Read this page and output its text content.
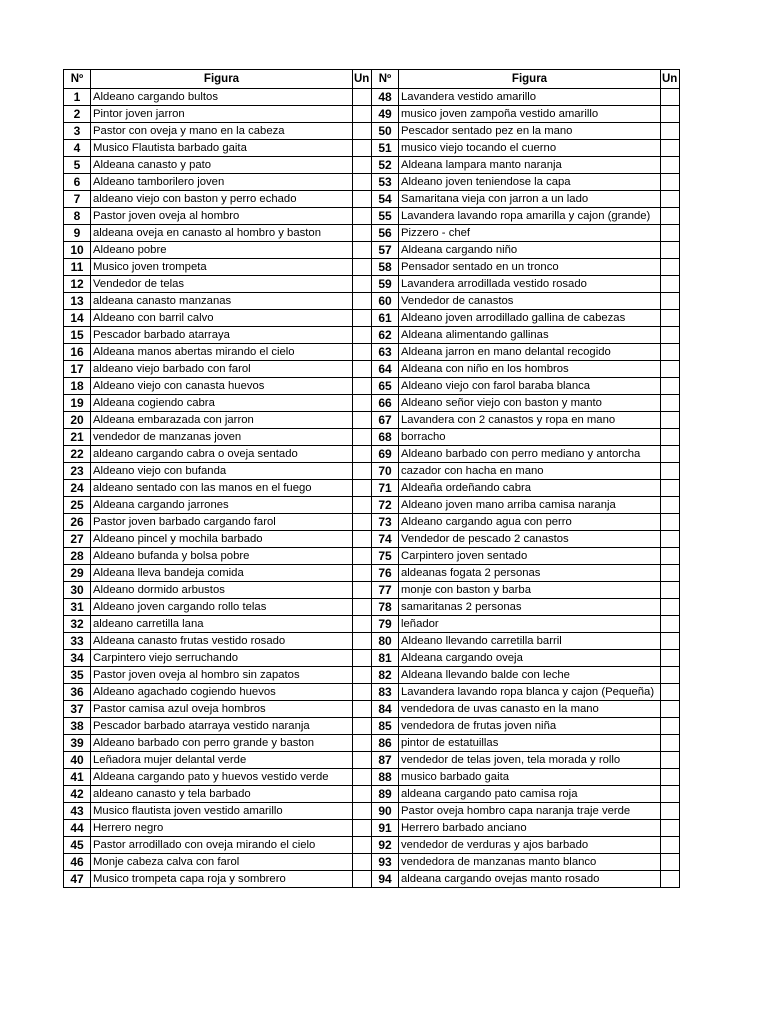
Nº	Figura	Un	Nº	Figura	Un
1	Aldeano cargando bultos		48	Lavandera vestido amarillo	
2	Pintor joven jarron		49	musico joven zampoña vestido amarillo	
3	Pastor con oveja y mano en la cabeza		50	Pescador sentado pez en la mano	
4	Musico Flautista barbado gaita		51	musico viejo tocando el cuerno	
5	Aldeana canasto y pato		52	Aldeana lampara manto naranja	
6	Aldeano tamborilero joven		53	Aldeano joven teniendose la capa	
7	aldeano viejo con baston y perro echado		54	Samaritana vieja con jarron a un lado	
8	Pastor joven oveja al hombro		55	Lavandera lavando ropa amarilla y cajon (grande)	
9	aldeana oveja en canasto al hombro y baston		56	Pizzero - chef	
10	Aldeano pobre		57	Aldeana cargando niño	
11	Musico joven trompeta		58	Pensador sentado en un tronco	
12	Vendedor de telas		59	Lavandera arrodillada vestido rosado	
13	aldeana canasto manzanas		60	Vendedor de canastos	
14	Aldeano con barril calvo		61	Aldeano joven arrodillado gallina de cabezas	
15	Pescador barbado atarraya		62	Aldeana alimentando gallinas	
16	Aldeana manos abertas mirando el cielo		63	Aldeana jarron en mano delantal recogido	
17	aldeano viejo barbado con farol		64	Aldeana con niño en los hombros	
18	Aldeano viejo con canasta huevos		65	Aldeano viejo con farol baraba blanca	
19	Aldeana cogiendo cabra		66	Aldeano señor viejo con baston y manto	
20	Aldeana embarazada con jarron		67	Lavandera con 2 canastos y ropa en mano	
21	vendedor de manzanas joven		68	borracho	
22	aldeano cargando cabra o oveja sentado		69	Aldeano barbado con perro mediano y antorcha	
23	Aldeano viejo con bufanda		70	cazador con hacha en mano	
24	aldeano sentado con las manos en el fuego		71	Aldeaña ordeñando cabra	
25	Aldeana cargando jarrones		72	Aldeano joven mano arriba camisa naranja	
26	Pastor joven barbado cargando farol		73	Aldeano cargando agua con perro	
27	Aldeano pincel y mochila barbado		74	Vendedor de pescado 2 canastos	
28	Aldeano bufanda y bolsa pobre		75	Carpintero joven sentado	
29	Aldeana lleva bandeja comida		76	aldeanas fogata 2 personas	
30	Aldeano dormido arbustos		77	monje con baston y barba	
31	Aldeano joven cargando rollo telas		78	samaritanas 2 personas	
32	aldeano carretilla lana		79	leñador	
33	Aldeana canasto frutas vestido rosado		80	Aldeano llevando carretilla barril	
34	Carpintero viejo serruchando		81	Aldeana cargando oveja	
35	Pastor joven oveja al hombro sin zapatos		82	Aldeana llevando balde con leche	
36	Aldeano agachado cogiendo huevos		83	Lavandera lavando ropa blanca y cajon (Pequeña)	
37	Pastor camisa azul oveja hombros		84	vendedora de uvas canasto en la mano	
38	Pescador barbado atarraya vestido naranja		85	vendedora de frutas joven niña	
39	Aldeano barbado con perro grande y baston		86	pintor de estatuillas	
40	Leñadora mujer delantal verde		87	vendedor de telas joven, tela morada y rollo	
41	Aldeana cargando pato y huevos vestido verde		88	musico barbado gaita	
42	aldeano canasto y tela barbado		89	aldeana cargando pato camisa roja	
43	Musico flautista joven vestido amarillo		90	Pastor oveja hombro capa naranja traje verde	
44	Herrero negro		91	Herrero barbado anciano	
45	Pastor arrodillado con oveja mirando el cielo		92	vendedor de verduras y ajos barbado	
46	Monje cabeza calva con farol		93	vendedora de manzanas manto blanco	
47	Musico trompeta capa roja y sombrero		94	aldeana cargando ovejas manto rosado	
